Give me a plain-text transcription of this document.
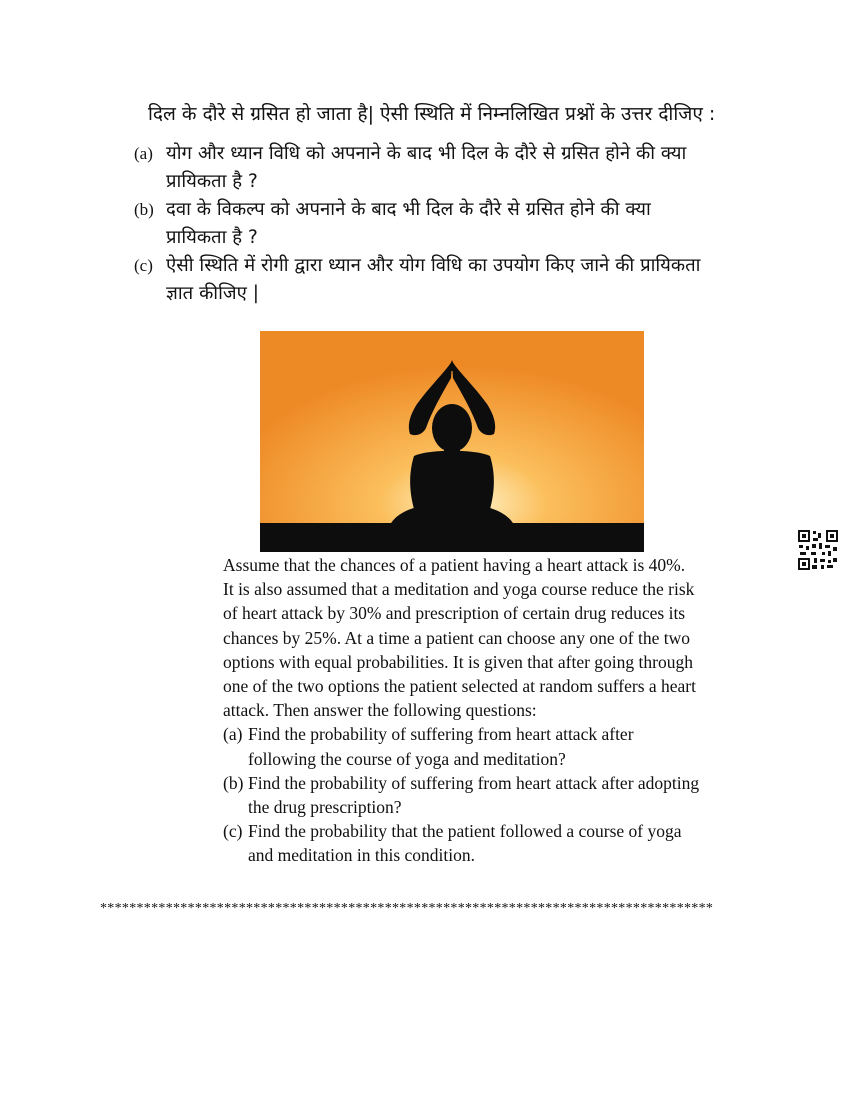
दिल के दौरे से ग्रसित हो जाता है| ऐसी स्थिति में निम्नलिखित प्रश्नों के उत्तर दीजिए :
(a) योग और ध्यान विधि को अपनाने के बाद भी दिल के दौरे से ग्रसित होने की क्या
प्रायिकता है ?
(b) दवा के विकल्प को अपनाने के बाद भी दिल के दौरे से ग्रसित होने की क्या
प्रायिकता है ?
(c) ऐसी स्थिति में रोगी द्वारा ध्यान और योग विधि का उपयोग किए जाने की प्रायिकता
ज्ञात कीजिए |
Assume that the chances of a patient having a heart attack is 40%.
It is also assumed that a meditation and yoga course reduce the risk
of heart attack by 30% and prescription of certain drug reduces its
chances by 25%. At a time a patient can choose any one of the two
options with equal probabilities. It is given that after going through
one of the two options the patient selected at random suffers a heart
attack. Then answer the following questions:
(a) Find the probability of suffering from heart attack after
following the course of yoga and meditation?
(b) Find the probability of suffering from heart attack after adopting
the drug prescription?
(c) Find the probability that the patient followed a course of yoga
and meditation in this condition.
************************************************************************************
